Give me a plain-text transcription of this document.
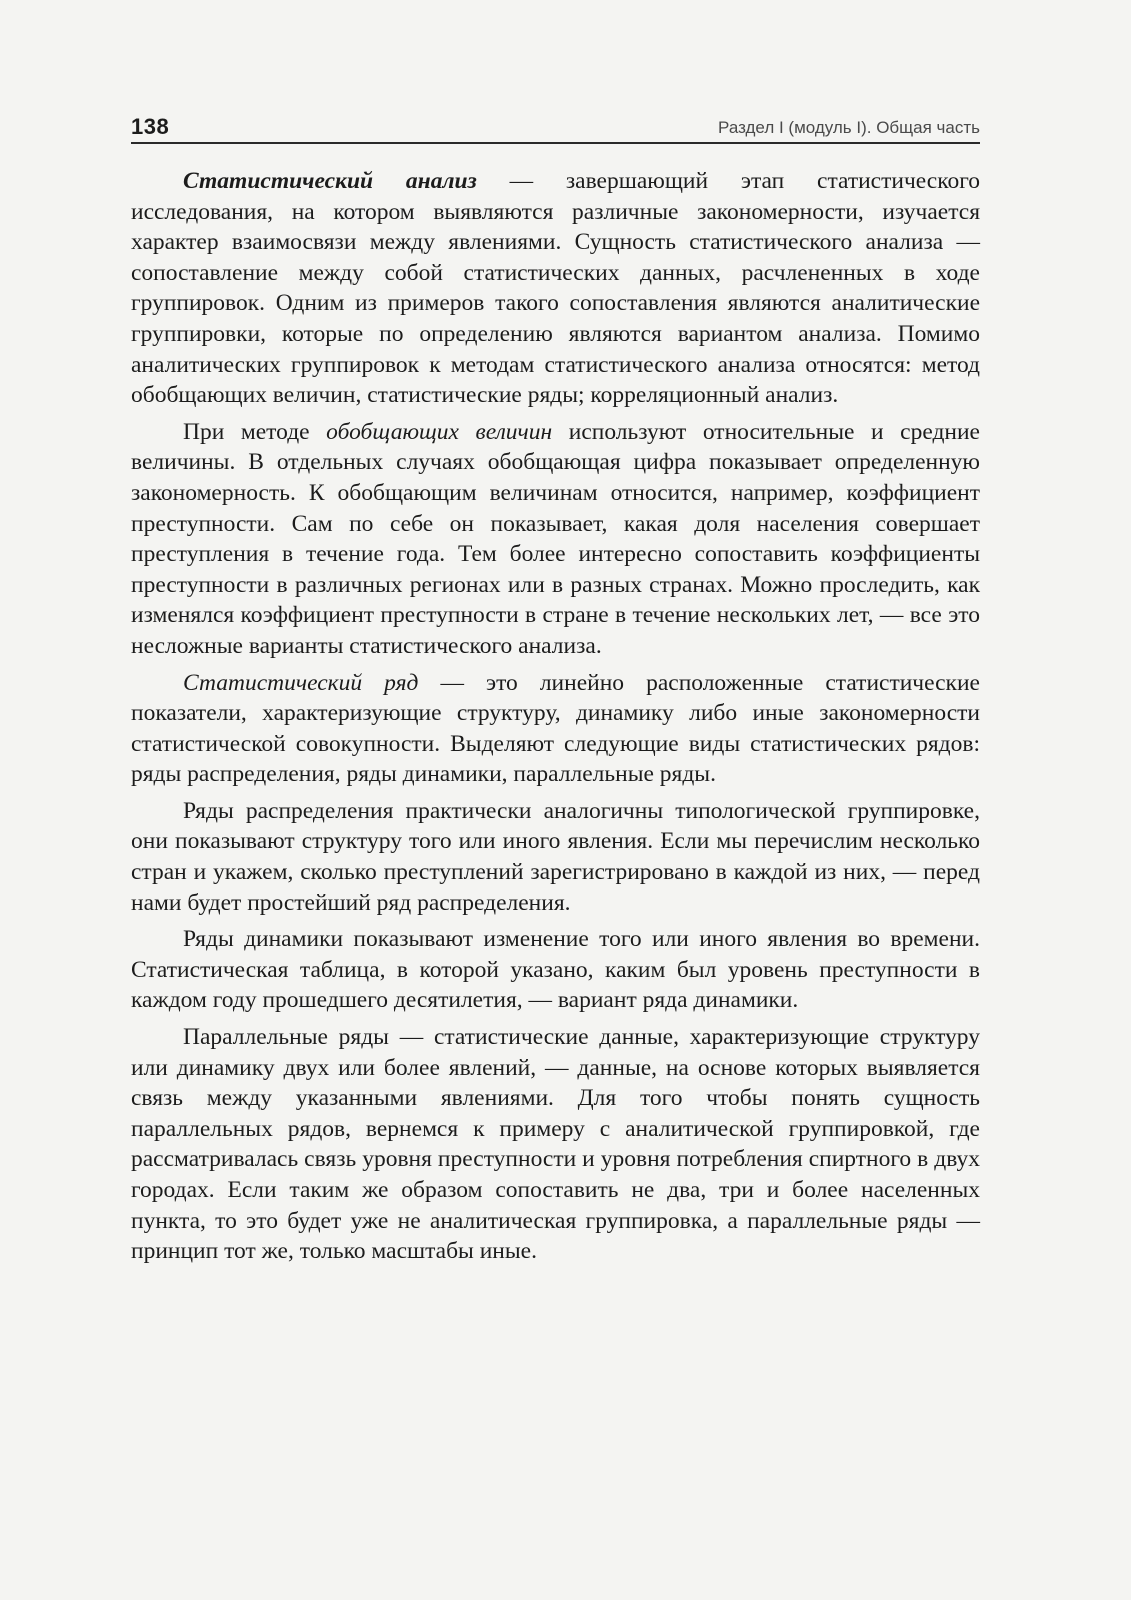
138	Раздел I (модуль I). Общая часть

Статистический анализ — завершающий этап статистического исследования, на котором выявляются различные закономерности, изучается характер взаимосвязи между явлениями. Сущность статистического анализа — сопоставление между собой статистических данных, расчлененных в ходе группировок. Одним из примеров такого сопоставления являются аналитические группировки, которые по определению являются вариантом анализа. Помимо аналитических группировок к методам статистического анализа относятся: метод обобщающих величин, статистические ряды; корреляционный анализ.

При методе обобщающих величин используют относительные и средние величины. В отдельных случаях обобщающая цифра показывает определенную закономерность. К обобщающим величинам относится, например, коэффициент преступности. Сам по себе он показывает, какая доля населения совершает преступления в течение года. Тем более интересно сопоставить коэффициенты преступности в различных регионах или в разных странах. Можно проследить, как изменялся коэффициент преступности в стране в течение нескольких лет, — все это несложные варианты статистического анализа.

Статистический ряд — это линейно расположенные статистические показатели, характеризующие структуру, динамику либо иные закономерности статистической совокупности. Выделяют следующие виды статистических рядов: ряды распределения, ряды динамики, параллельные ряды.

Ряды распределения практически аналогичны типологической группировке, они показывают структуру того или иного явления. Если мы перечислим несколько стран и укажем, сколько преступлений зарегистрировано в каждой из них, — перед нами будет простейший ряд распределения.

Ряды динамики показывают изменение того или иного явления во времени. Статистическая таблица, в которой указано, каким был уровень преступности в каждом году прошедшего десятилетия, — вариант ряда динамики.

Параллельные ряды — статистические данные, характеризующие структуру или динамику двух или более явлений, — данные, на основе которых выявляется связь между указанными явлениями. Для того чтобы понять сущность параллельных рядов, вернемся к примеру с аналитической группировкой, где рассматривалась связь уровня преступности и уровня потребления спиртного в двух городах. Если таким же образом сопоставить не два, три и более населенных пункта, то это будет уже не аналитическая группировка, а параллельные ряды — принцип тот же, только масштабы иные.
